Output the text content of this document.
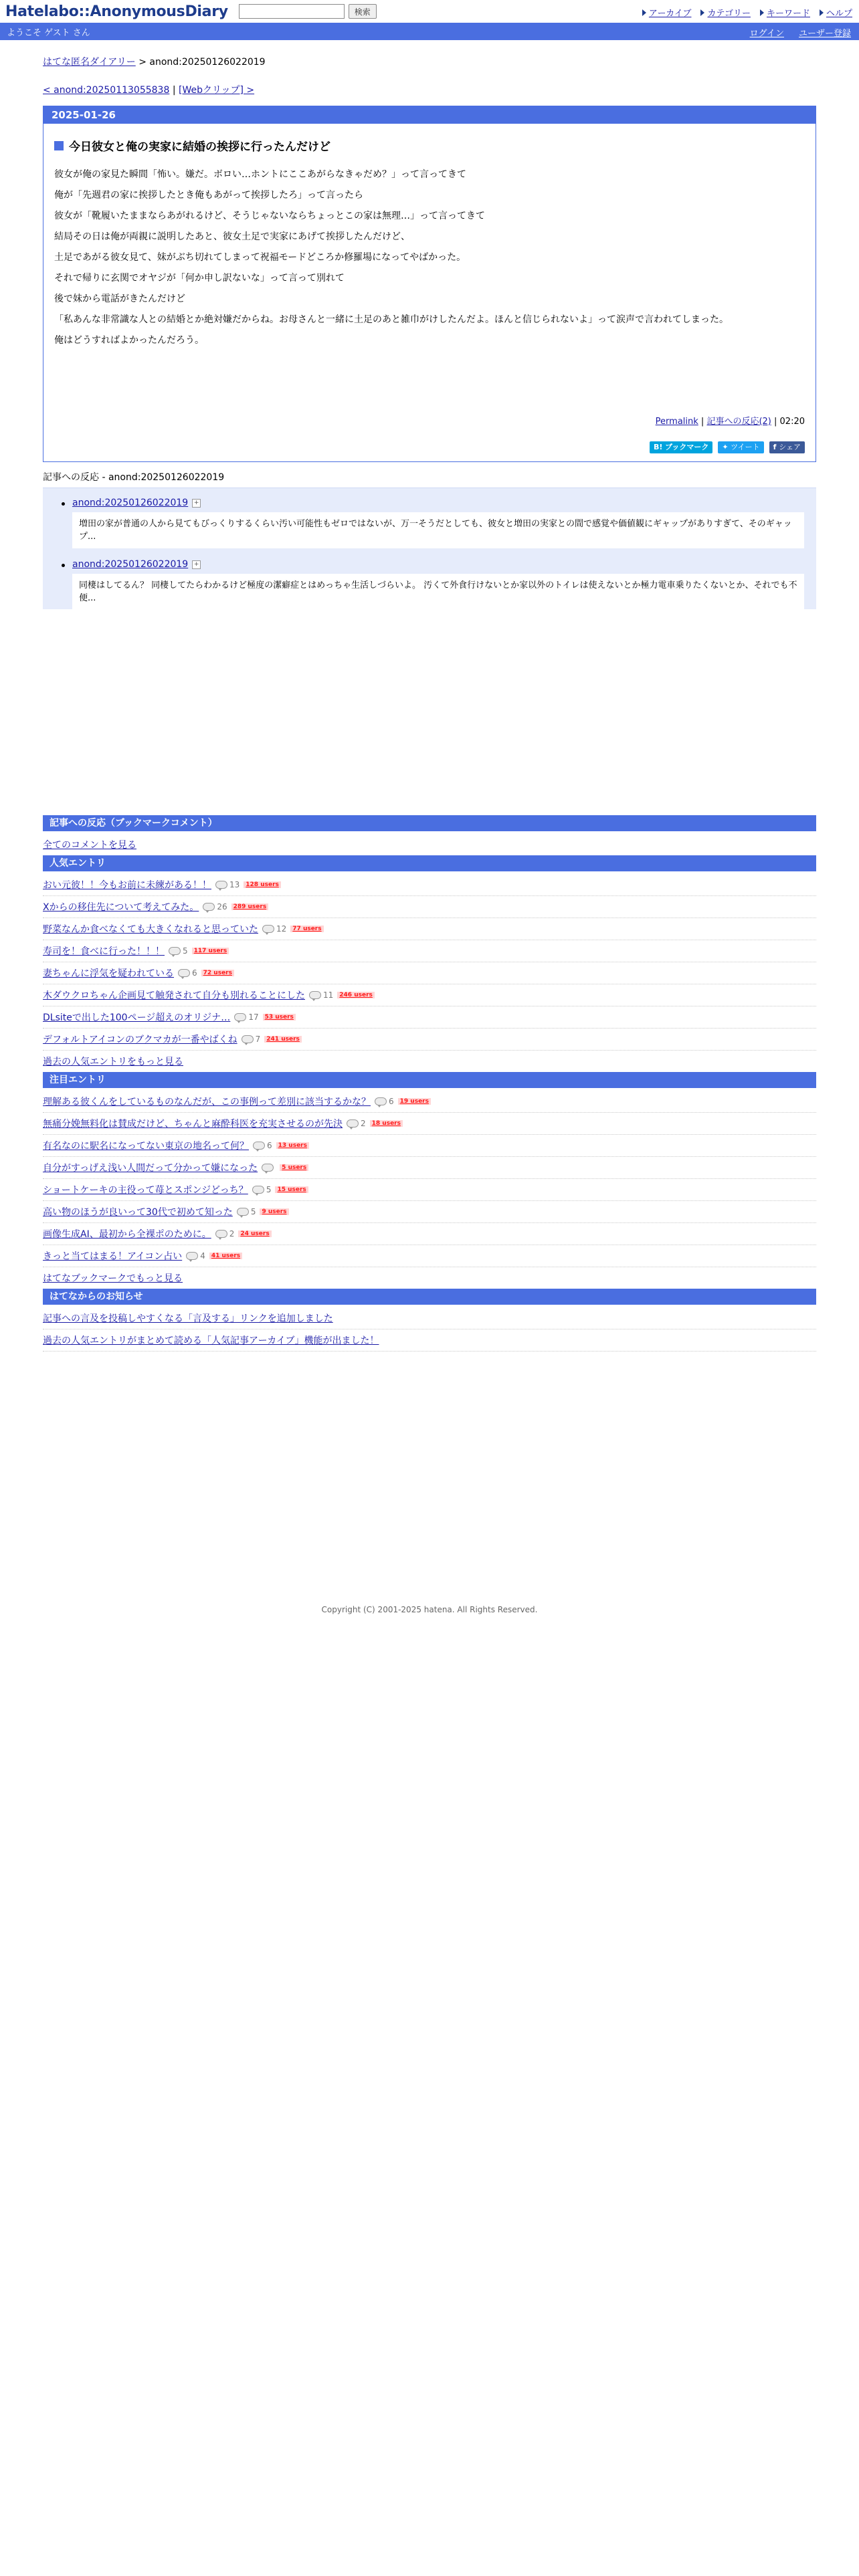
Hatelabo::AnonymousDiary	検索	アーカイブ カテゴリー キーワード ヘルプ
ようこそ ゲスト さん	ログイン ユーザー登録
はてな匿名ダイアリー > anond:20250126022019
< anond:20250113055838 | [Webクリップ] >
2025-01-26
今日彼女と俺の実家に結婚の挨拶に行ったんだけど

彼女が俺の家見た瞬間「怖い。嫌だ。ボロい…ホントにここあがらなきゃだめ？」って言ってきて

俺が「先週君の家に挨拶したとき俺もあがって挨拶したろ」って言ったら

彼女が「靴履いたままならあがれるけど、そうじゃないならちょっとこの家は無理…」って言ってきて

結局その日は俺が両親に説明したあと、彼女土足で実家にあげて挨拶したんだけど、

土足であがる彼女見て、妹がぶち切れてしまって祝福モードどころか修羅場になってやばかった。

それで帰りに玄関でオヤジが「何か申し訳ないな」って言って別れて

後で妹から電話がきたんだけど

「私あんな非常識な人との結婚とか絶対嫌だからね。お母さんと一緒に土足のあと雑巾がけしたんだよ。ほんと信じられないよ」って涙声で言われてしまった。

俺はどうすればよかったんだろう。

Permalink | 記事への反応(2) | 02:20
B! ブックマーク	✦ ツイート	f シェア
記事への反応 - anond:20250126022019
anond:20250126022019 +
増田の家が普通の人から見てもびっくりするくらい汚い可能性もゼロではないが、万一そうだとしても、彼女と増田の実家との間で感覚や価値観にギャップがありすぎて、そのギャップ...
anond:20250126022019 +
同棲はしてるん？ 同棲してたらわかるけど極度の潔癖症とはめっちゃ生活しづらいよ。 汚くて外食行けないとか家以外のトイレは使えないとか極力電車乗りたくないとか、それでも不便...
記事への反応（ブックマークコメント）
全てのコメントを見る
人気エントリ
おい元彼！！今もお前に未練がある！！ 13	128 users
Xからの移住先について考えてみた。 26	289 users
野菜なんか食べなくても大きくなれると思っていた 12	77 users
寿司を！食べに行った！！！ 5	117 users
妻ちゃんに浮気を疑われている 6	72 users
木ダウクロちゃん企画見て触発されて自分も別れることにした 11	246 users
DLsiteで出した100ページ超えのオリジナ… 17	53 users
デフォルトアイコンのブクマカが一番やばくね 7	241 users
過去の人気エントリをもっと見る
注目エントリ
理解ある彼くんをしているものなんだが、この事例って差別に該当するかな？ 6	19 users
無痛分娩無料化は賛成だけど、ちゃんと麻酔科医を充実させるのが先決 2	18 users
有名なのに駅名になってない東京の地名って何？ 6	13 users
自分がすっげえ浅い人間だって分かって嫌になった	5 users
ショートケーキの主役って苺とスポンジどっち？ 5	15 users
高い物のほうが良いって30代で初めて知った 5	9 users
画像生成AI、最初から全裸ポのために。 2	24 users
きっと当てはまる！アイコン占い 4	41 users
はてなブックマークでもっと見る
はてなからのお知らせ
記事への言及を投稿しやすくなる「言及する」リンクを追加しました
過去の人気エントリがまとめて読める「人気記事アーカイブ」機能が出ました！
Copyright (C) 2001-2025 hatena. All Rights Reserved.
